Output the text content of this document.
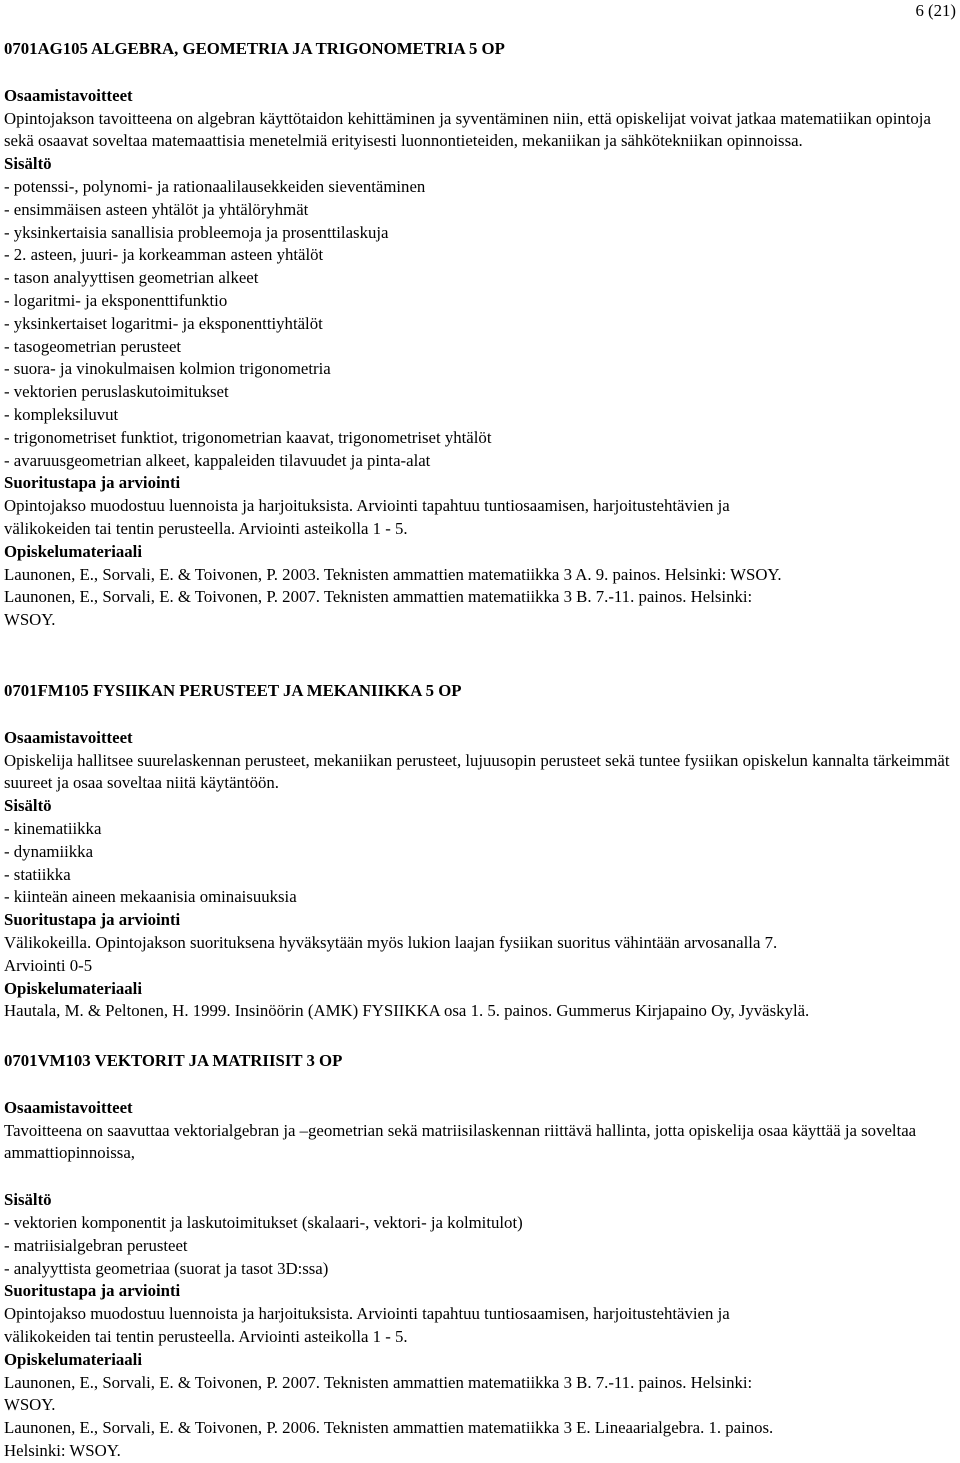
6 (21)

0701AG105 ALGEBRA, GEOMETRIA JA TRIGONOMETRIA 5 OP

Osaamistavoitteet

Opintojakson tavoitteena on algebran käyttötaidon kehittäminen ja syventäminen niin, että opiskelijat voivat jatkaa matematiikan opintoja sekä osaavat soveltaa matemaattisia menetelmiä erityisesti luonnontieteiden, mekaniikan ja sähkötekniikan opinnoissa.

Sisältö

- potenssi-, polynomi- ja rationaalilausekkeiden sieventäminen

- ensimmäisen asteen yhtälöt ja yhtälöryhmät

- yksinkertaisia sanallisia probleemoja ja prosenttilaskuja

- 2. asteen, juuri- ja korkeamman asteen yhtälöt

- tason analyyttisen geometrian alkeet

- logaritmi- ja eksponenttifunktio

- yksinkertaiset logaritmi- ja eksponenttiyhtälöt

- tasogeometrian perusteet

- suora- ja vinokulmaisen kolmion trigonometria

- vektorien peruslaskutoimitukset

- kompleksiluvut

- trigonometriset funktiot, trigonometrian kaavat, trigonometriset yhtälöt

- avaruusgeometrian alkeet, kappaleiden tilavuudet ja pinta-alat

Suoritustapa ja arviointi

Opintojakso muodostuu luennoista ja harjoituksista. Arviointi tapahtuu tuntiosaamisen, harjoitustehtävien ja

välikokeiden tai tentin perusteella. Arviointi asteikolla 1 - 5.

Opiskelumateriaali

Launonen, E., Sorvali, E. & Toivonen, P. 2003. Teknisten ammattien matematiikka 3 A. 9. painos. Helsinki: WSOY.

Launonen, E., Sorvali, E. & Toivonen, P. 2007. Teknisten ammattien matematiikka 3 B. 7.-11. painos. Helsinki:

WSOY.

0701FM105 FYSIIKAN PERUSTEET JA MEKANIIKKA 5 OP

Osaamistavoitteet

Opiskelija hallitsee suurelaskennan perusteet, mekaniikan perusteet, lujuusopin perusteet sekä tuntee fysiikan opiskelun kannalta tärkeimmät suureet ja osaa soveltaa niitä käytäntöön.

Sisältö

- kinematiikka

- dynamiikka

- statiikka

- kiinteän aineen mekaanisia ominaisuuksia

Suoritustapa ja arviointi

Välikokeilla. Opintojakson suorituksena hyväksytään myös lukion laajan fysiikan suoritus vähintään arvosanalla 7.

Arviointi 0-5

Opiskelumateriaali

Hautala, M. & Peltonen, H. 1999. Insinöörin (AMK) FYSIIKKA osa 1. 5. painos. Gummerus Kirjapaino Oy, Jyväskylä.

0701VM103 VEKTORIT JA MATRIISIT 3 OP

Osaamistavoitteet

Tavoitteena on saavuttaa vektorialgebran ja –geometrian sekä matriisilaskennan riittävä hallinta, jotta opiskelija osaa käyttää ja soveltaa ammattiopinnoissa,

Sisältö

- vektorien komponentit ja laskutoimitukset (skalaari-, vektori- ja kolmitulot)

- matriisialgebran perusteet

- analyyttista geometriaa (suorat ja tasot 3D:ssa)

Suoritustapa ja arviointi

Opintojakso muodostuu luennoista ja harjoituksista. Arviointi tapahtuu tuntiosaamisen, harjoitustehtävien ja

välikokeiden tai tentin perusteella. Arviointi asteikolla 1 - 5.

Opiskelumateriaali

Launonen, E., Sorvali, E. & Toivonen, P. 2007. Teknisten ammattien matematiikka 3 B. 7.-11. painos. Helsinki:

WSOY.

Launonen, E., Sorvali, E. & Toivonen, P. 2006. Teknisten ammattien matematiikka 3 E. Lineaarialgebra. 1. painos.

Helsinki: WSOY.
